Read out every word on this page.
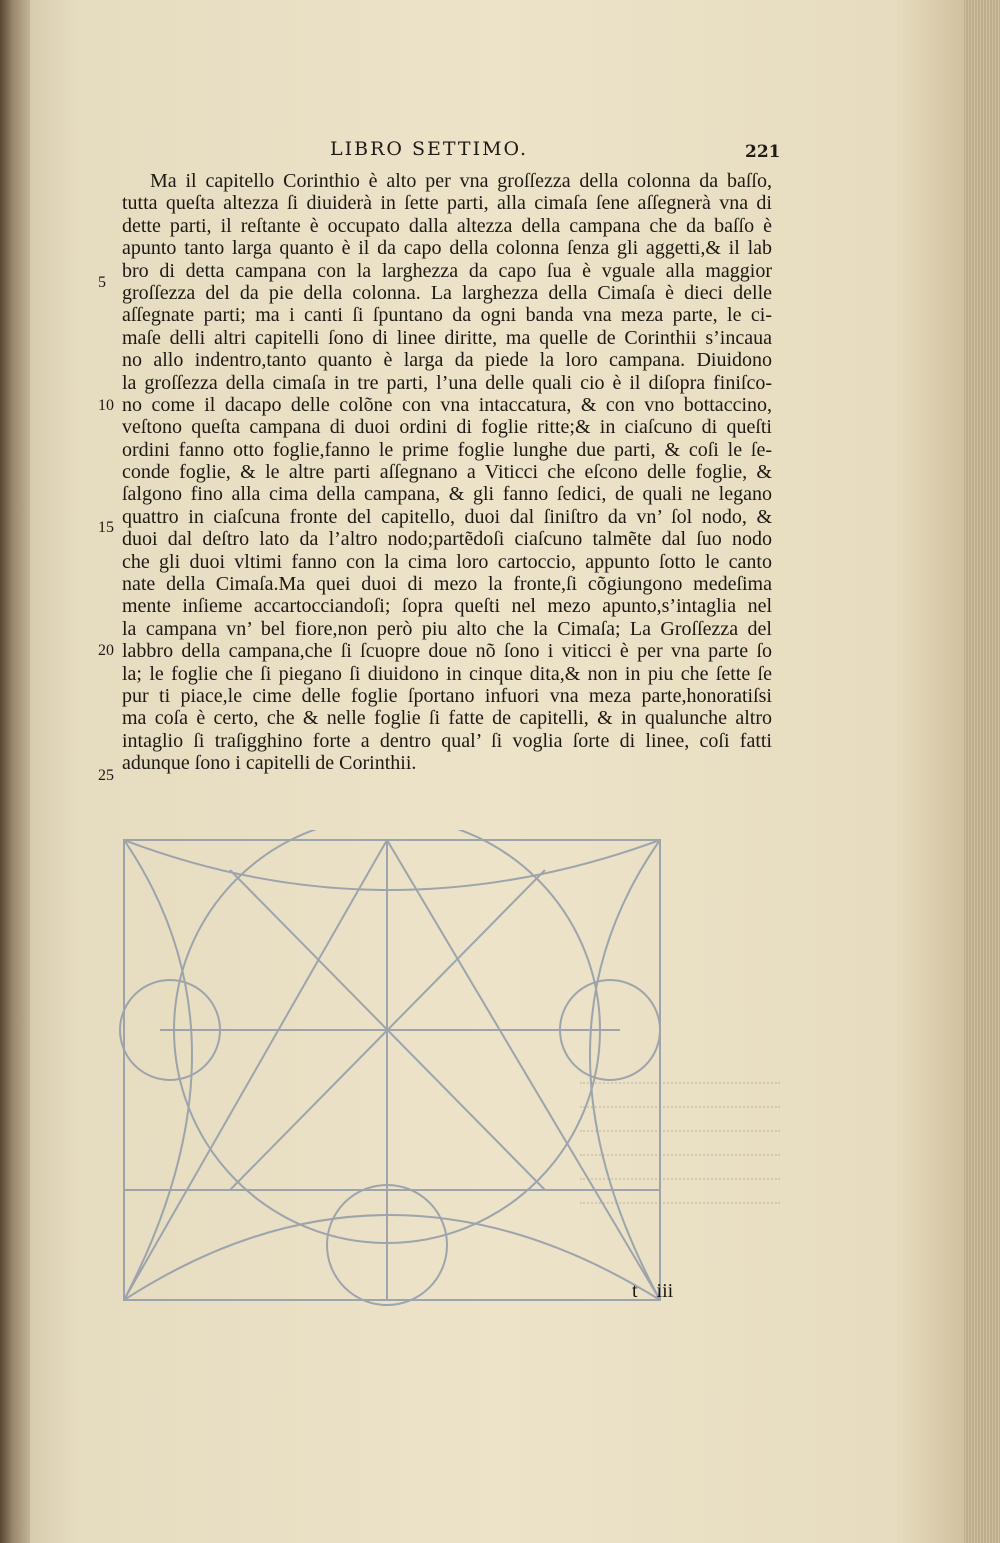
LIBRO SETTIMO.	221
Ma il capitello Corinthio è alto per vna groſſezza della colonna da baſſo,
tutta queſta altezza ſi diuiderà in ſette parti, alla cimaſa ſene aſſegnerà vna di
dette parti, il reſtante è occupato dalla altezza della campana che da baſſo è
apunto tanto larga quanto è il da capo della colonna ſenza gli aggetti,& il lab
bro di detta campana con la larghezza da capo ſua è vguale alla maggior
groſſezza del da pie della colonna. La larghezza della Cimaſa è dieci delle
aſſegnate parti; ma i canti ſi ſpuntano da ogni banda vna meza parte, le ci-
maſe delli altri capitelli ſono di linee diritte, ma quelle de Corinthii s’incaua
no allo indentro,tanto quanto è larga da piede la loro campana. Diuidono
la groſſezza della cimaſa in tre parti, l’una delle quali cio è il diſopra finiſco-
no come il dacapo delle colõne con vna intaccatura, & con vno bottaccino,
veſtono queſta campana di duoi ordini di foglie ritte;& in ciaſcuno di queſti
ordini fanno otto foglie,fanno le prime foglie lunghe due parti, & coſi le ſe-
conde foglie, & le altre parti aſſegnano a Viticci che eſcono delle foglie, &
ſalgono fino alla cima della campana, & gli fanno ſedici, de quali ne legano
quattro in ciaſcuna fronte del capitello, duoi dal ſiniſtro da vn’ ſol nodo, &
duoi dal deſtro lato da l’altro nodo;partẽdoſi ciaſcuno talmẽte dal ſuo nodo
che gli duoi vltimi fanno con la cima loro cartoccio, appunto ſotto le canto
nate della Cimaſa.Ma quei duoi di mezo la fronte,ſi cõgiungono medeſima
mente inſieme accartocciandoſi; ſopra queſti nel mezo apunto,s’intaglia nel
la campana vn’ bel fiore,non però piu alto che la Cimaſa; La Groſſezza del
labbro della campana,che ſi ſcuopre doue nõ ſono i viticci è per vna parte ſo
la; le foglie che ſi piegano ſi diuidono in cinque dita,& non in piu che ſette ſe
pur ti piace,le cime delle foglie ſportano infuori vna meza parte,honoratiſsi
ma coſa è certo, che & nelle foglie ſi fatte de capitelli, & in qualunche altro
intaglio ſi traſigghino forte a dentro qual’ ſi voglia ſorte di linee, coſi fatti
adunque ſono i capitelli de Corinthii.
5
10
15
20
25
t iii
